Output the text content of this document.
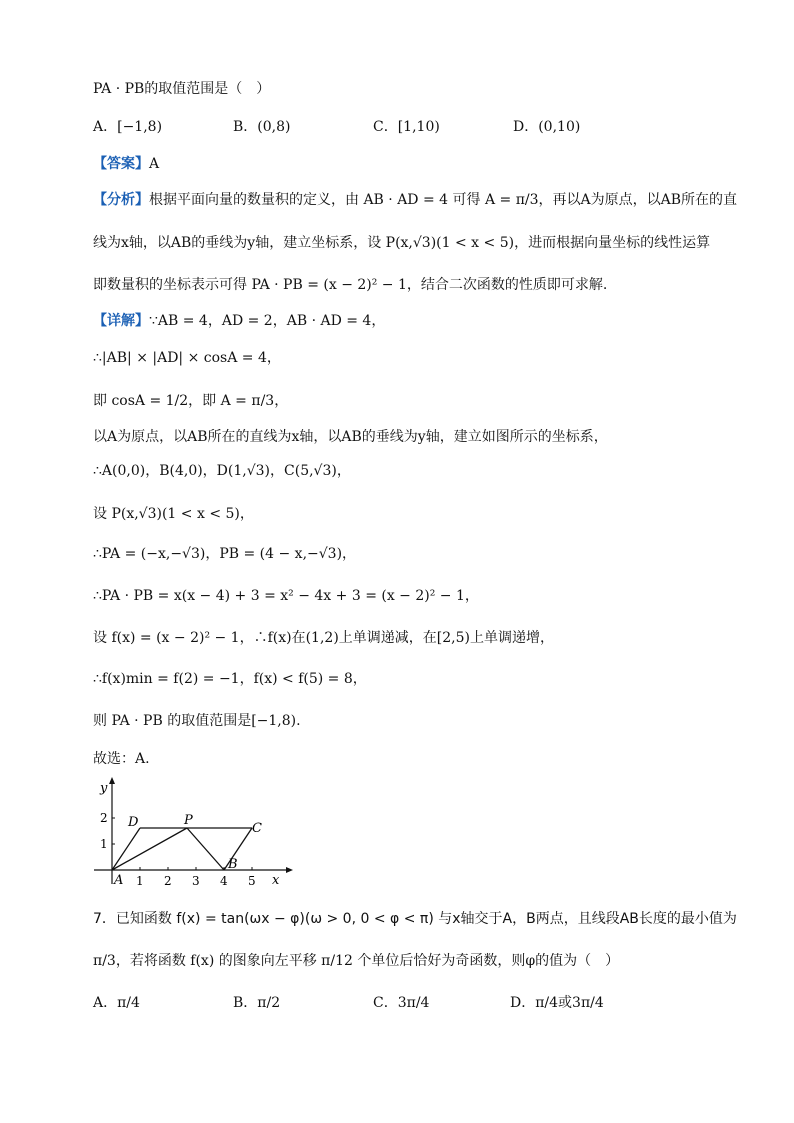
PA · PB的取值范围是（　）
A．[−1,8)	B．(0,8)	C．[1,10)	D．(0,10)
【答案】A
【分析】根据平面向量的数量积的定义，由 AB · AD = 4 可得 A = π/3，再以A为原点，以AB所在的直
线为x轴，以AB的垂线为y轴，建立坐标系，设 P(x,√3)(1 < x < 5)，进而根据向量坐标的线性运算
即数量积的坐标表示可得 PA · PB = (x − 2)² − 1，结合二次函数的性质即可求解.
【详解】∵AB = 4，AD = 2，AB · AD = 4，
∴|AB| × |AD| × cosA = 4，
即 cosA = 1/2，即 A = π/3，
以A为原点，以AB所在的直线为x轴，以AB的垂线为y轴，建立如图所示的坐标系，
∴A(0,0)，B(4,0)，D(1,√3)，C(5,√3)，
设 P(x,√3)(1 < x < 5)，
∴PA = (−x,−√3)，PB = (4 − x,−√3)，
∴PA · PB = x(x − 4) + 3 = x² − 4x + 3 = (x − 2)² − 1，
设 f(x) = (x − 2)² − 1，∴f(x)在(1,2)上单调递减，在[2,5)上单调递增，
∴f(x)min = f(2) = −1，f(x) < f(5) = 8，
则 PA · PB 的取值范围是[−1,8).
故选：A.
x
y
1 2 3 4 5
1
2
A
B
C
D	P
7．已知函数 f(x) = tan(ωx − φ)(ω > 0, 0 < φ < π) 与x轴交于A，B两点，且线段AB长度的最小值为
π/3，若将函数 f(x) 的图象向左平移 π/12 个单位后恰好为奇函数，则φ的值为（　）
A．π/4	B．π/2	C．3π/4	D．π/4或3π/4
